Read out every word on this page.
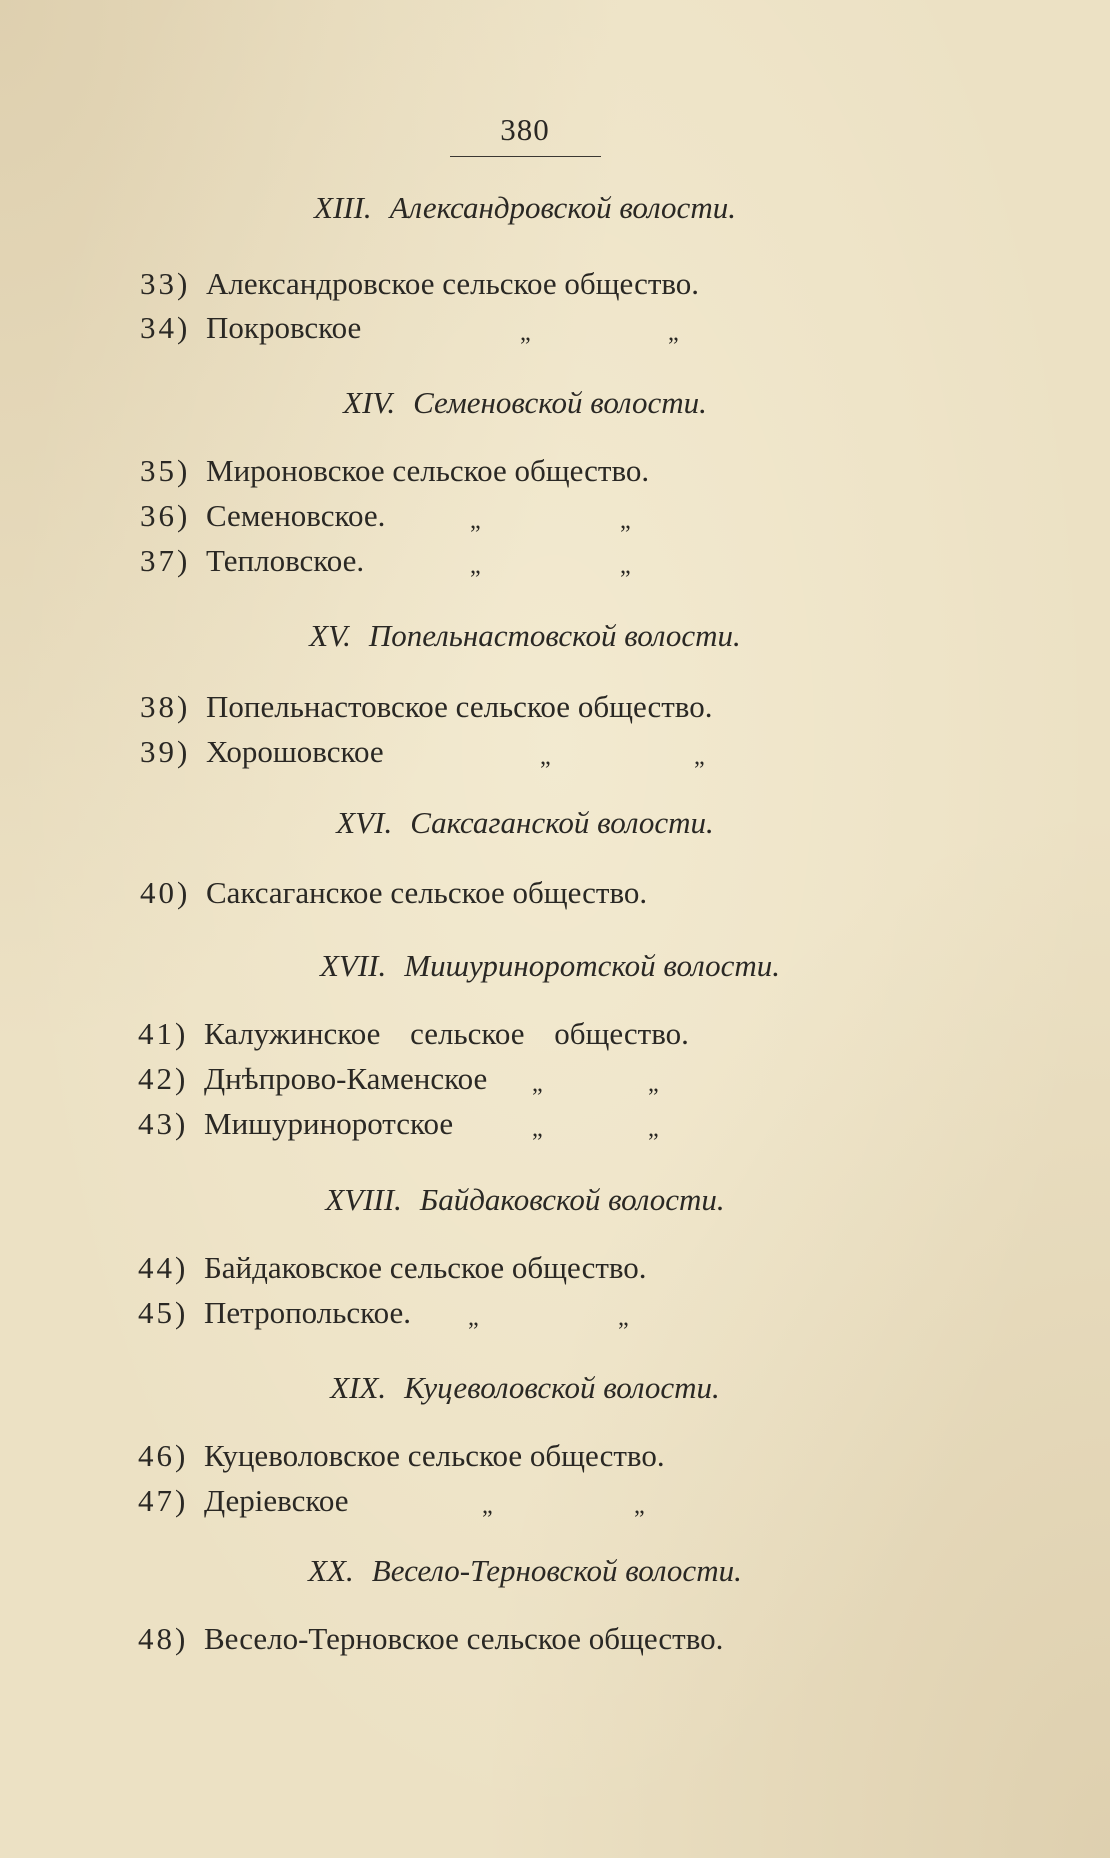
380
XIII. Александровской волости.
33) Александровское сельское общество.
34) Покровское	„	„
XIV. Семеновской волости.
35) Мироновское сельское общество.
36) Семеновское.	„	„
37) Тепловское.	„	„
XV. Попельнастовской волости.
38) Попельнастовское сельское общество.
39) Хорошовское	„	„
XVI. Саксаганской волости.
40) Саксаганское сельское общество.
XVII. Мишуриноротской волости.
41) Калужинское сельское общество.
42) Днѣпрово-Каменское „	„
43) Мишуриноротское	„	„
XVIII. Байдаковской волости.
44) Байдаковское сельское общество.
45) Петропольское. „	„
XIX. Куцеволовской волости.
46) Куцеволовское сельское общество.
47) Деріевское	„	„
XX. Весело-Терновской волости.
48) Весело-Терновское сельское общество.
